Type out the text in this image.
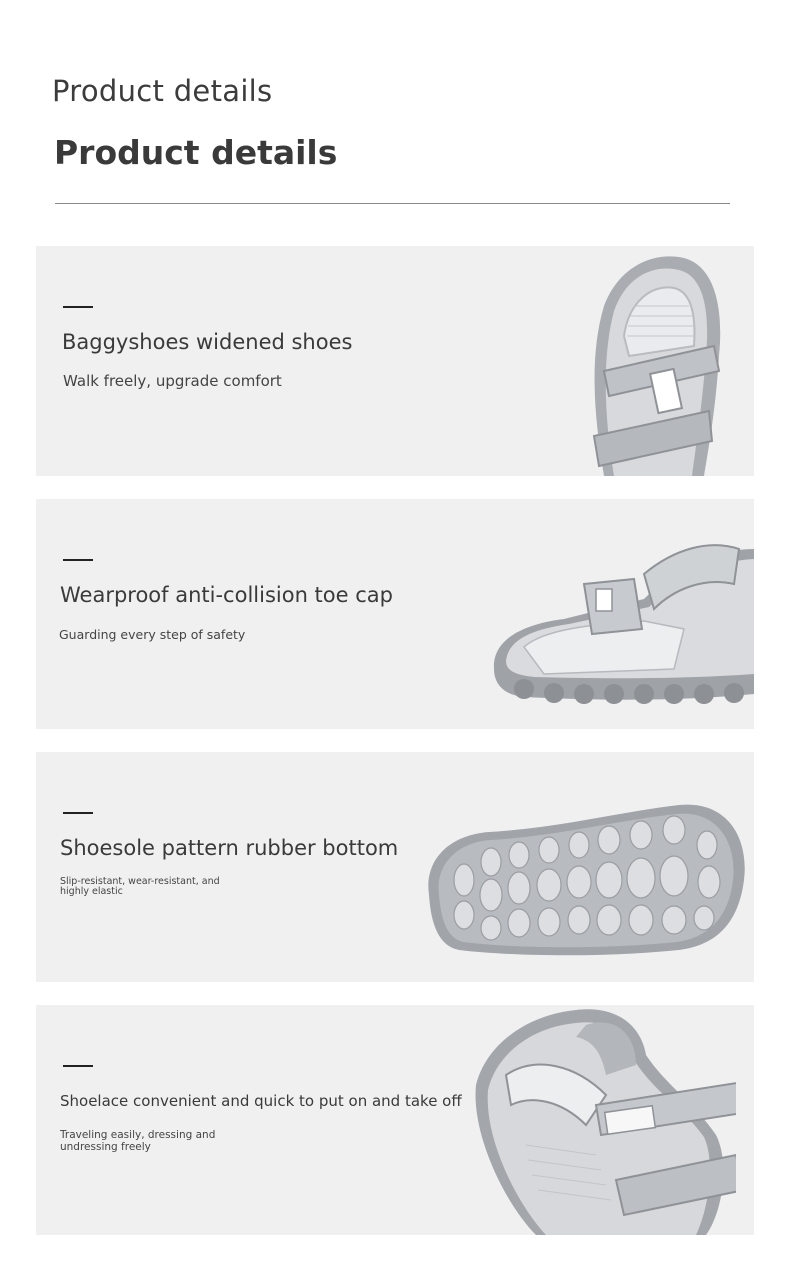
Product details
Product details
Baggyshoes widened shoes
Walk freely, upgrade comfort
Wearproof anti-collision toe cap
Guarding every step of safety
Shoesole pattern rubber bottom
Slip-resistant, wear-resistant, and highly elastic
Shoelace convenient and quick to put on and take off
Traveling easily, dressing and undressing freely
